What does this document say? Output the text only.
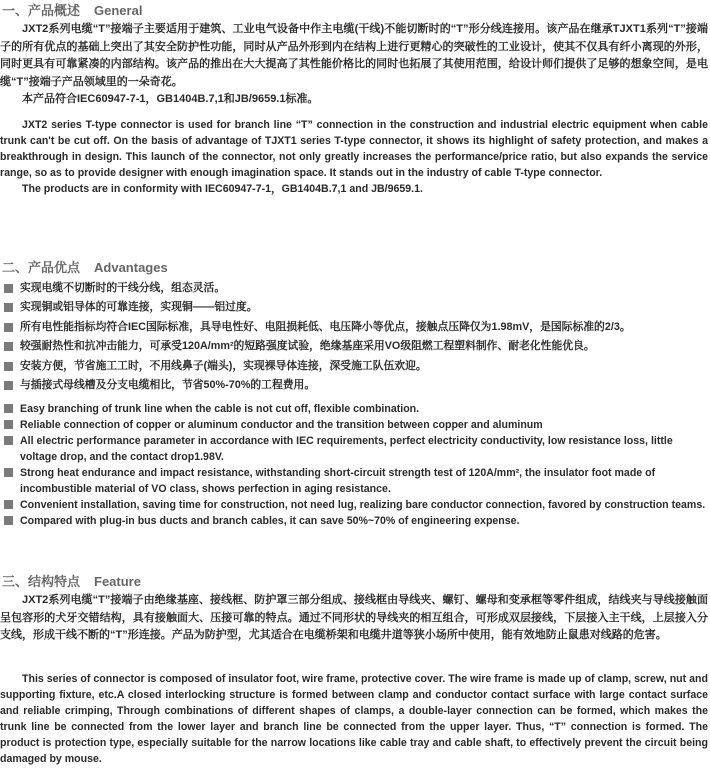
一、产品概述 General
JXT2系列电缆“T”接端子主要适用于建筑、工业电气设备中作主电缆(干线)不能切断时的“T”形分线连接用。该产品在继承TJXT1系列“T”接端子的所有优点的基础上突出了其安全防护性功能，同时从产品外形到内在结构上进行更精心的突破性的工业设计，使其不仅具有纤小离现的外形，同时更具有可靠紧凑的内部结构。该产品的推出在大大提高了其性能价格比的同时也拓展了其使用范围，给设计师们提供了足够的想象空间，是电缆“T”接端子产品领域里的一朵奇花。
本产品符合IEC60947-7-1，GB1404B.7,1和JB/9659.1标准。
JXT2 series T-type connector is used for branch line “T” connection in the construction and industrial electric equipment when cable trunk can't be cut off. On the basis of advantage of TJXT1 series T-type connector, it shows its highlight of safety protection, and makes a breakthrough in design. This launch of the connector, not only greatly increases the performance/price ratio, but also expands the service range, so as to provide designer with enough imagination space. It stands out in the industry of cable T-type connector.
The products are in conformity with IEC60947-7-1，GB1404B.7,1 and JB/9659.1.
二、产品优点 Advantages
实现电缆不切断时的干线分线，组态灵活。
实现铜或铝导体的可靠连接，实现铜——铝过度。
所有电性能指标均符合IEC国际标准，具导电性好、电阻损耗低、电压降小等优点，接触点压降仅为1.98mV，是国际标准的2/3。
较强耐热性和抗冲击能力，可承受120A/mm²的短路强度试验，绝缘基座采用VO级阻燃工程塑料制作、耐老化性能优良。
安装方便，节省施工工时，不用线鼻子(端头)，实现裸导体连接，深受施工队伍欢迎。
与插接式母线槽及分支电缆相比，节省50%-70%的工程费用。
Easy branching of trunk line when the cable is not cut off, flexible combination.
Reliable connection of copper or aluminum conductor and the transition between copper and aluminum
All electric performance parameter in accordance with IEC requirements, perfect electricity conductivity, low resistance loss, little voltage drop, and the contact drop1.98V.
Strong heat endurance and impact resistance, withstanding short-circuit strength test of 120A/mm², the insulator foot made of incombustible material of VO class, shows perfection in aging resistance.
Convenient installation, saving time for construction, not need lug, realizing bare conductor connection, favored by construction teams.
Compared with plug-in bus ducts and branch cables, it can save 50%~70% of engineering expense.
三、结构特点 Feature
JXT2系列电缆“T”接端子由绝缘基座、接线框、防护罩三部分组成、接线框由导线夹、螺钉、螺母和变承框等零件组成，结线夹与导线接触面呈包容形的犬牙交错结构，具有接触面大、压接可靠的特点。通过不同形状的导线夹的相互组合，可形成双层接线，下层接入主干线，上层接入分支线，形成干线不断的“T”形连接。产品为防护型，尤其适合在电缆桥架和电缆井道等狭小场所中使用，能有效地防止鼠患对线路的危害。
This series of connector is composed of insulator foot, wire frame, protective cover. The wire frame is made up of clamp, screw, nut and supporting fixture, etc.A closed interlocking structure is formed between clamp and conductor contact surface with large contact surface and reliable crimping, Through combinations of different shapes of clamps, a double-layer connection can be formed, which makes the trunk line be connected from the lower layer and branch line be connected from the upper layer. Thus, “T” connection is formed. The product is protection type, especially suitable for the narrow locations like cable tray and cable shaft, to effectively prevent the circuit being damaged by mouse.
